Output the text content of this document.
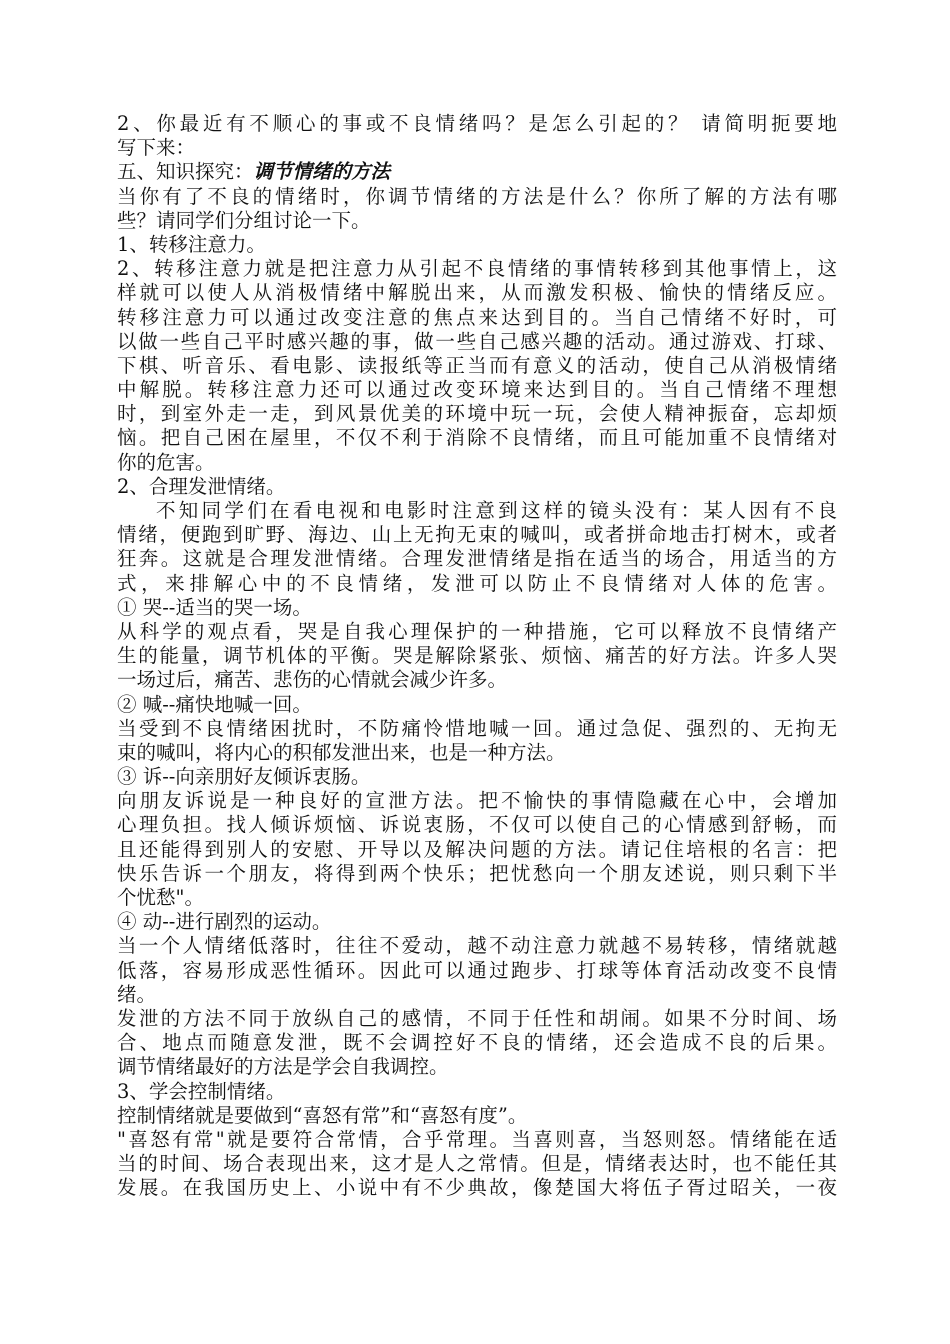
2、你最近有不顺心的事或不良情绪吗？是怎么引起的？ 请简明扼要地
写下来：
五、知识探究：调节情绪的方法
当你有了不良的情绪时，你调节情绪的方法是什么？你所了解的方法有哪
些？请同学们分组讨论一下。
1、转移注意力。
2、转移注意力就是把注意力从引起不良情绪的事情转移到其他事情上，这
样就可以使人从消极情绪中解脱出来，从而激发积极、愉快的情绪反应。
转移注意力可以通过改变注意的焦点来达到目的。当自己情绪不好时，可
以做一些自己平时感兴趣的事，做一些自己感兴趣的活动。通过游戏、打球、
下棋、听音乐、看电影、读报纸等正当而有意义的活动，使自己从消极情绪
中解脱。转移注意力还可以通过改变环境来达到目的。当自己情绪不理想
时，到室外走一走，到风景优美的环境中玩一玩，会使人精神振奋，忘却烦
恼。把自己困在屋里，不仅不利于消除不良情绪，而且可能加重不良情绪对
你的危害。
2、合理发泄情绪。
不知同学们在看电视和电影时注意到这样的镜头没有：某人因有不良
情绪，便跑到旷野、海边、山上无拘无束的喊叫，或者拼命地击打树木，或者
狂奔。这就是合理发泄情绪。合理发泄情绪是指在适当的场合，用适当的方
式，来排解心中的不良情绪，发泄可以防止不良情绪对人体的危害。
① 哭--适当的哭一场。
从科学的观点看，哭是自我心理保护的一种措施，它可以释放不良情绪产
生的能量，调节机体的平衡。哭是解除紧张、烦恼、痛苦的好方法。许多人哭
一场过后，痛苦、悲伤的心情就会减少许多。
② 喊--痛快地喊一回。
当受到不良情绪困扰时，不防痛怜惜地喊一回。通过急促、强烈的、无拘无
束的喊叫，将内心的积郁发泄出来，也是一种方法。
③ 诉--向亲朋好友倾诉衷肠。
向朋友诉说是一种良好的宣泄方法。把不愉快的事情隐藏在心中，会增加
心理负担。找人倾诉烦恼、诉说衷肠，不仅可以使自己的心情感到舒畅，而
且还能得到别人的安慰、开导以及解决问题的方法。请记住培根的名言：把
快乐告诉一个朋友，将得到两个快乐；把忧愁向一个朋友述说，则只剩下半
个忧愁"。
④ 动--进行剧烈的运动。
当一个人情绪低落时，往往不爱动，越不动注意力就越不易转移，情绪就越
低落，容易形成恶性循环。因此可以通过跑步、打球等体育活动改变不良情
绪。
发泄的方法不同于放纵自己的感情，不同于任性和胡闹。如果不分时间、场
合、地点而随意发泄，既不会调控好不良的情绪，还会造成不良的后果。
调节情绪最好的方法是学会自我调控。
3、学会控制情绪。
控制情绪就是要做到“喜怒有常”和“喜怒有度”。
"喜怒有常"就是要符合常情，合乎常理。当喜则喜，当怒则怒。情绪能在适
当的时间、场合表现出来，这才是人之常情。但是，情绪表达时，也不能任其
发展。在我国历史上、小说中有不少典故，像楚国大将伍子胥过昭关，一夜
